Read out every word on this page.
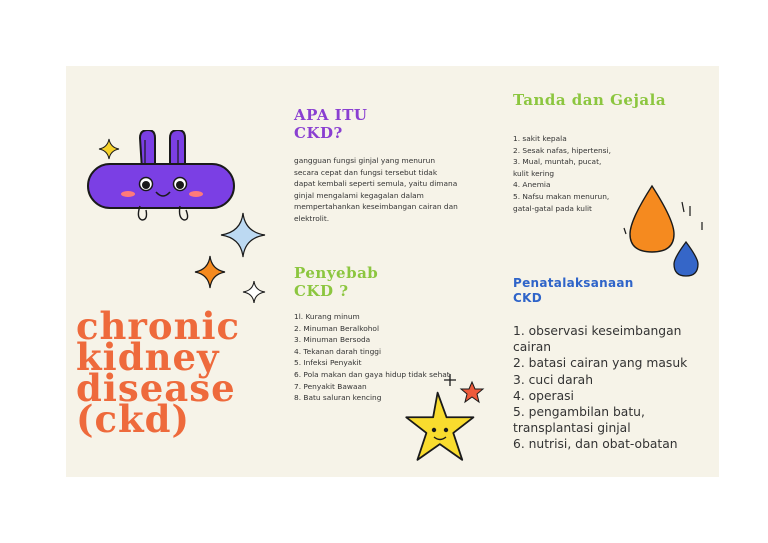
chronic
kidney
disease
(ckd)
APA ITU
CKD?
gangguan fungsi ginjal yang menurun
secara cepat dan fungsi tersebut tidak
dapat kembali seperti semula, yaitu dimana
ginjal mengalami kegagalan dalam
mempertahankan keseimbangan cairan dan
elektrolit.
Penyebab
CKD ?
1l. Kurang minum
2. Minuman Beralkohol
3. Minuman Bersoda
4. Tekanan darah tinggi
5. Infeksi Penyakit
6. Pola makan dan gaya hidup tidak sehat
7. Penyakit Bawaan
8. Batu saluran kencing
Tanda dan Gejala
1. sakit kepala
2. Sesak nafas, hipertensi,
3. Mual, muntah, pucat,
kulit kering
4. Anemia
5. Nafsu makan menurun,
gatal-gatal pada kulit
Penatalaksanaan
CKD
1. observasi keseimbangan
cairan
2. batasi cairan yang masuk
3. cuci darah
4. operasi
5. pengambilan batu,
transplantasi ginjal
6. nutrisi, dan obat-obatan
